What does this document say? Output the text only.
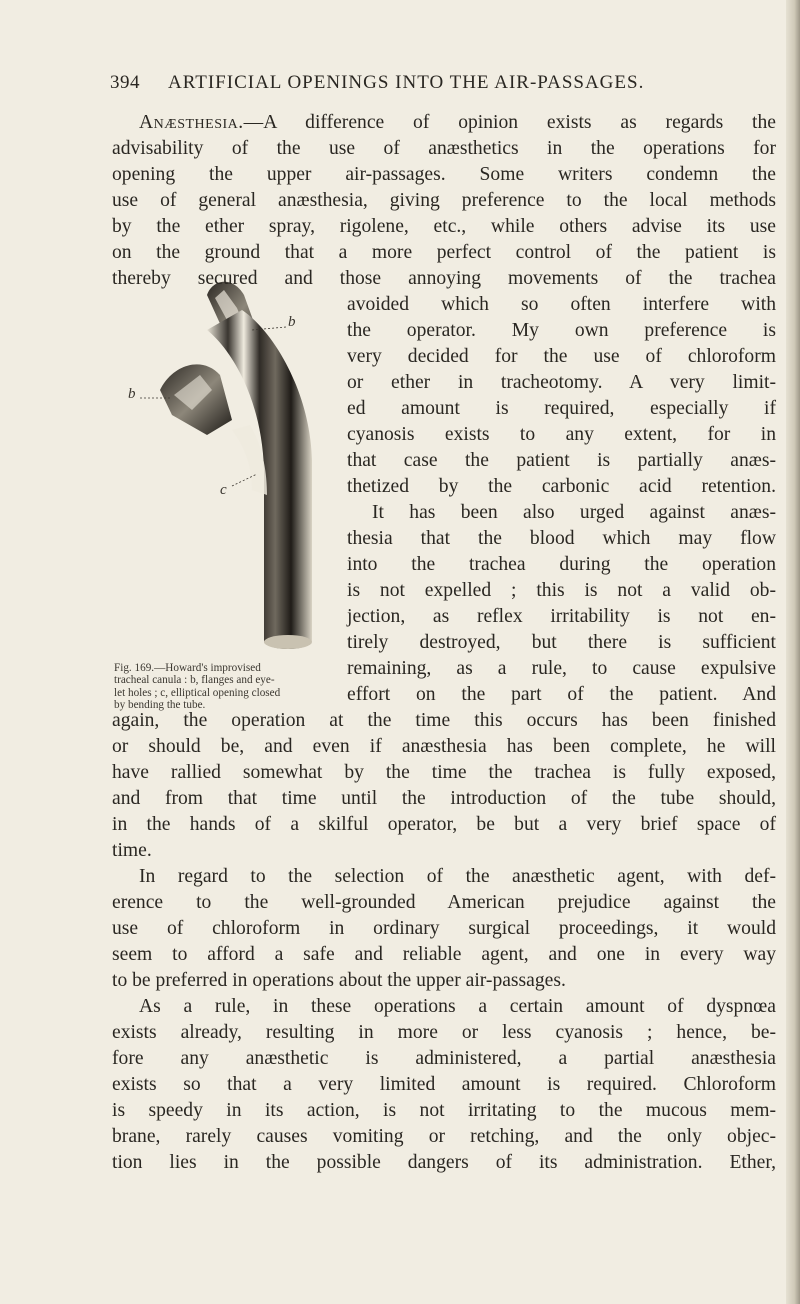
394 ARTIFICIAL OPENINGS INTO THE AIR-PASSAGES.
b
b
c
Fig. 169.—Howard's improvised
tracheal canula : b, flanges and eye-
let holes ; c, elliptical opening closed
by bending the tube.
Anæsthesia.—A difference of opinion exists as regards the
advisability of the use of anæsthetics in the operations for
opening the upper air-passages. Some writers condemn the
use of general anæsthesia, giving preference to the local methods
by the ether spray, rigolene, etc., while others advise its use
on the ground that a more perfect control of the patient is
thereby secured and those annoying movements of the trachea
avoided which so often interfere with
the operator. My own preference is
very decided for the use of chloroform
or ether in tracheotomy. A very limit-
ed amount is required, especially if
cyanosis exists to any extent, for in
that case the patient is partially anæs-
thetized by the carbonic acid retention.
It has been also urged against anæs-
thesia that the blood which may flow
into the trachea during the operation
is not expelled ; this is not a valid ob-
jection, as reflex irritability is not en-
tirely destroyed, but there is sufficient
remaining, as a rule, to cause expulsive
effort on the part of the patient. And
again, the operation at the time this occurs has been finished
or should be, and even if anæsthesia has been complete, he will
have rallied somewhat by the time the trachea is fully exposed,
and from that time until the introduction of the tube should,
in the hands of a skilful operator, be but a very brief space of
time.
In regard to the selection of the anæsthetic agent, with def-
erence to the well-grounded American prejudice against the
use of chloroform in ordinary surgical proceedings, it would
seem to afford a safe and reliable agent, and one in every way
to be preferred in operations about the upper air-passages.
As a rule, in these operations a certain amount of dyspnœa
exists already, resulting in more or less cyanosis ; hence, be-
fore any anæsthetic is administered, a partial anæsthesia
exists so that a very limited amount is required. Chloroform
is speedy in its action, is not irritating to the mucous mem-
brane, rarely causes vomiting or retching, and the only objec-
tion lies in the possible dangers of its administration. Ether,
